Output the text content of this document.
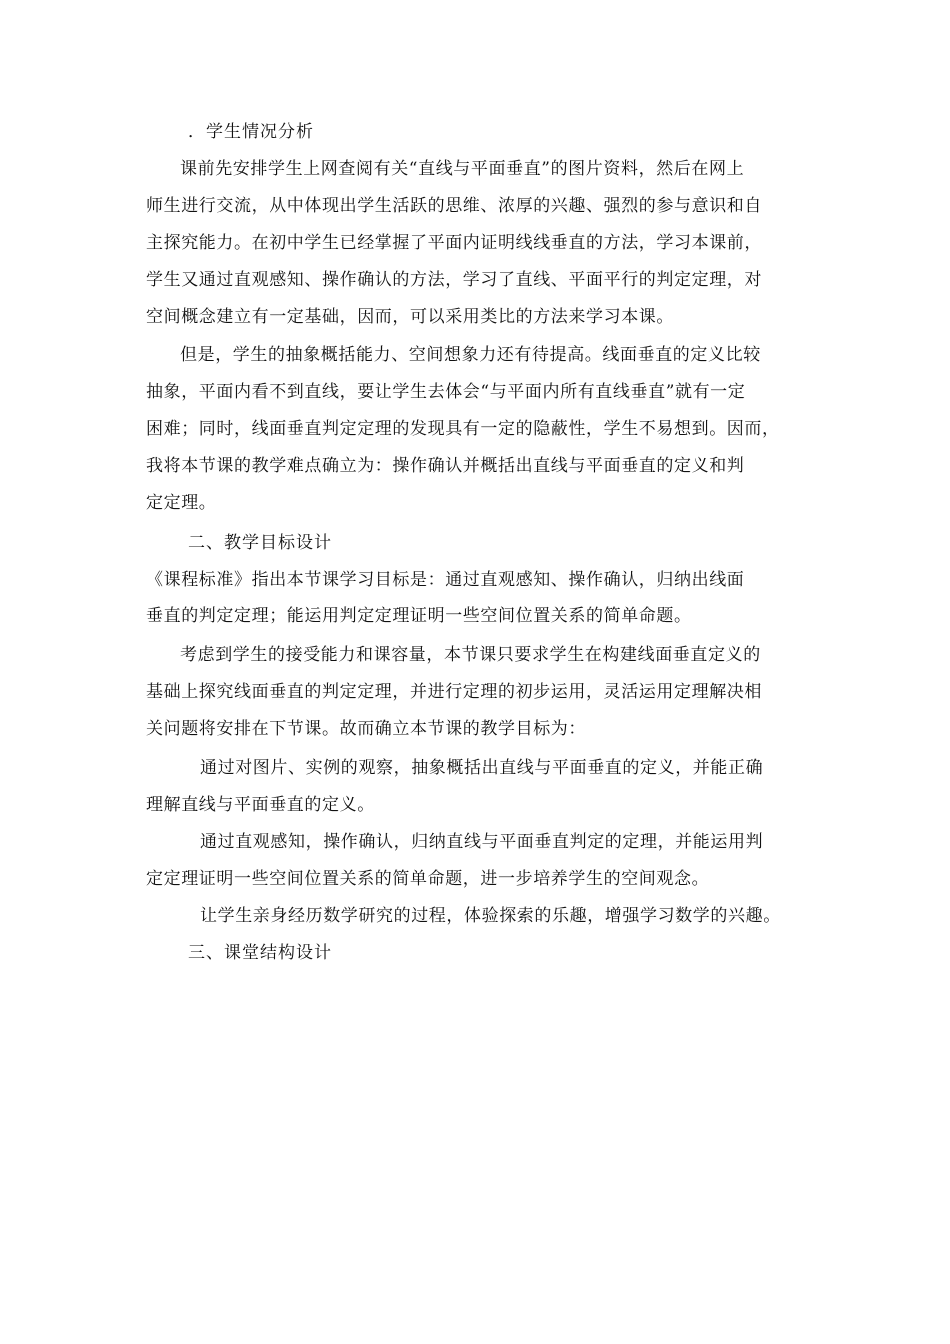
．学生情况分析
课前先安排学生上网查阅有关“直线与平面垂直”的图片资料，然后在网上
师生进行交流，从中体现出学生活跃的思维、浓厚的兴趣、强烈的参与意识和自
主探究能力。在初中学生已经掌握了平面内证明线线垂直的方法，学习本课前，
学生又通过直观感知、操作确认的方法，学习了直线、平面平行的判定定理，对
空间概念建立有一定基础，因而，可以采用类比的方法来学习本课。
但是，学生的抽象概括能力、空间想象力还有待提高。线面垂直的定义比较
抽象，平面内看不到直线，要让学生去体会“与平面内所有直线垂直”就有一定
困难；同时，线面垂直判定定理的发现具有一定的隐蔽性，学生不易想到。因而，
我将本节课的教学难点确立为：操作确认并概括出直线与平面垂直的定义和判
定定理。
二、教学目标设计
《课程标准》指出本节课学习目标是：通过直观感知、操作确认，归纳出线面
垂直的判定定理；能运用判定定理证明一些空间位置关系的简单命题。
考虑到学生的接受能力和课容量，本节课只要求学生在构建线面垂直定义的
基础上探究线面垂直的判定定理，并进行定理的初步运用，灵活运用定理解决相
关问题将安排在下节课。故而确立本节课的教学目标为：
通过对图片、实例的观察，抽象概括出直线与平面垂直的定义，并能正确
理解直线与平面垂直的定义。
通过直观感知，操作确认，归纳直线与平面垂直判定的定理，并能运用判
定定理证明一些空间位置关系的简单命题，进一步培养学生的空间观念。
让学生亲身经历数学研究的过程，体验探索的乐趣，增强学习数学的兴趣。
三、课堂结构设计
